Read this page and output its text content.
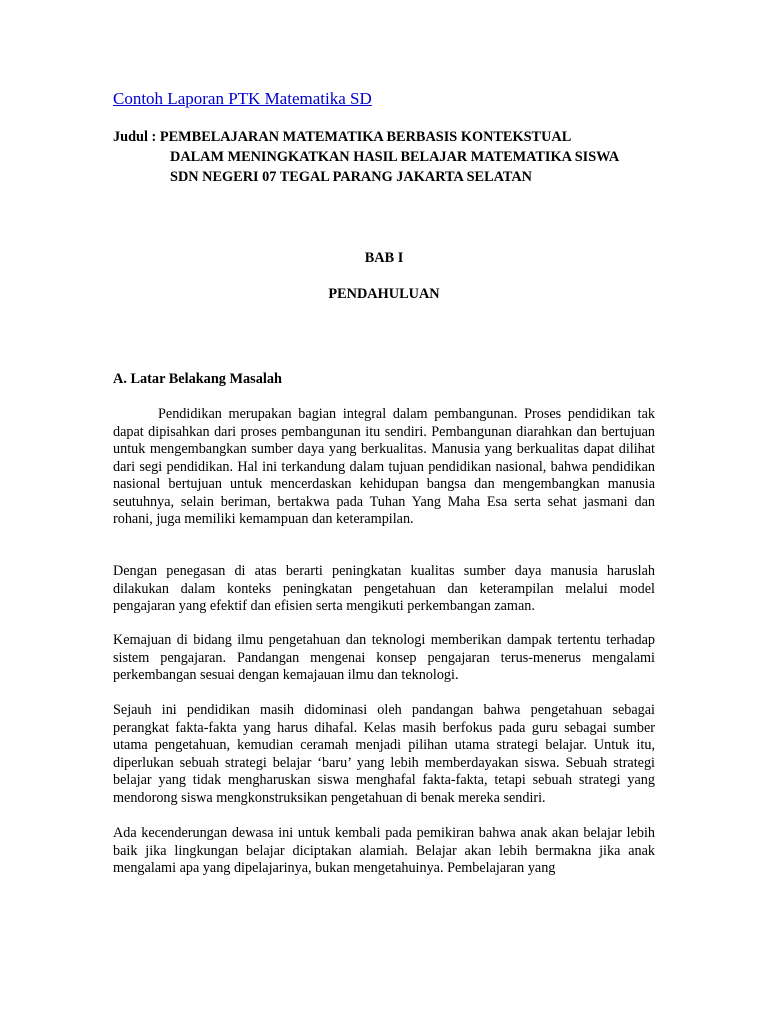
Contoh Laporan PTK Matematika SD
Judul : PEMBELAJARAN MATEMATIKA BERBASIS KONTEKSTUAL
DALAM MENINGKATKAN HASIL BELAJAR MATEMATIKA SISWA
SDN NEGERI 07 TEGAL PARANG JAKARTA SELATAN
BAB I
PENDAHULUAN
A. Latar Belakang Masalah

Pendidikan merupakan bagian integral dalam pembangunan. Proses pendidikan tak dapat dipisahkan dari proses pembangunan itu sendiri. Pembangunan diarahkan dan bertujuan untuk mengembangkan sumber daya yang berkualitas. Manusia yang berkualitas dapat dilihat dari segi pendidikan. Hal ini terkandung dalam tujuan pendidikan nasional, bahwa pendidikan nasional bertujuan untuk mencerdaskan kehidupan bangsa dan mengembangkan manusia seutuhnya, selain beriman, bertakwa pada Tuhan Yang Maha Esa serta sehat jasmani dan rohani, juga memiliki kemampuan dan keterampilan.

Dengan penegasan di atas berarti peningkatan kualitas sumber daya manusia haruslah dilakukan dalam konteks peningkatan pengetahuan dan keterampilan melalui model pengajaran yang efektif dan efisien serta mengikuti perkembangan zaman.

Kemajuan di bidang ilmu pengetahuan dan teknologi memberikan dampak tertentu terhadap sistem pengajaran. Pandangan mengenai konsep pengajaran terus-menerus mengalami perkembangan sesuai dengan kemajauan ilmu dan teknologi.

Sejauh ini pendidikan masih didominasi oleh pandangan bahwa pengetahuan sebagai perangkat fakta-fakta yang harus dihafal. Kelas masih berfokus pada guru sebagai sumber utama pengetahuan, kemudian ceramah menjadi pilihan utama strategi belajar. Untuk itu, diperlukan sebuah strategi belajar ‘baru’ yang lebih memberdayakan siswa. Sebuah strategi belajar yang tidak mengharuskan siswa menghafal fakta-fakta, tetapi sebuah strategi yang mendorong siswa mengkonstruksikan pengetahuan di benak mereka sendiri.

Ada kecenderungan dewasa ini untuk kembali pada pemikiran bahwa anak akan belajar lebih baik jika lingkungan belajar diciptakan alamiah. Belajar akan lebih bermakna jika anak mengalami apa yang dipelajarinya, bukan mengetahuinya. Pembelajaran yang
